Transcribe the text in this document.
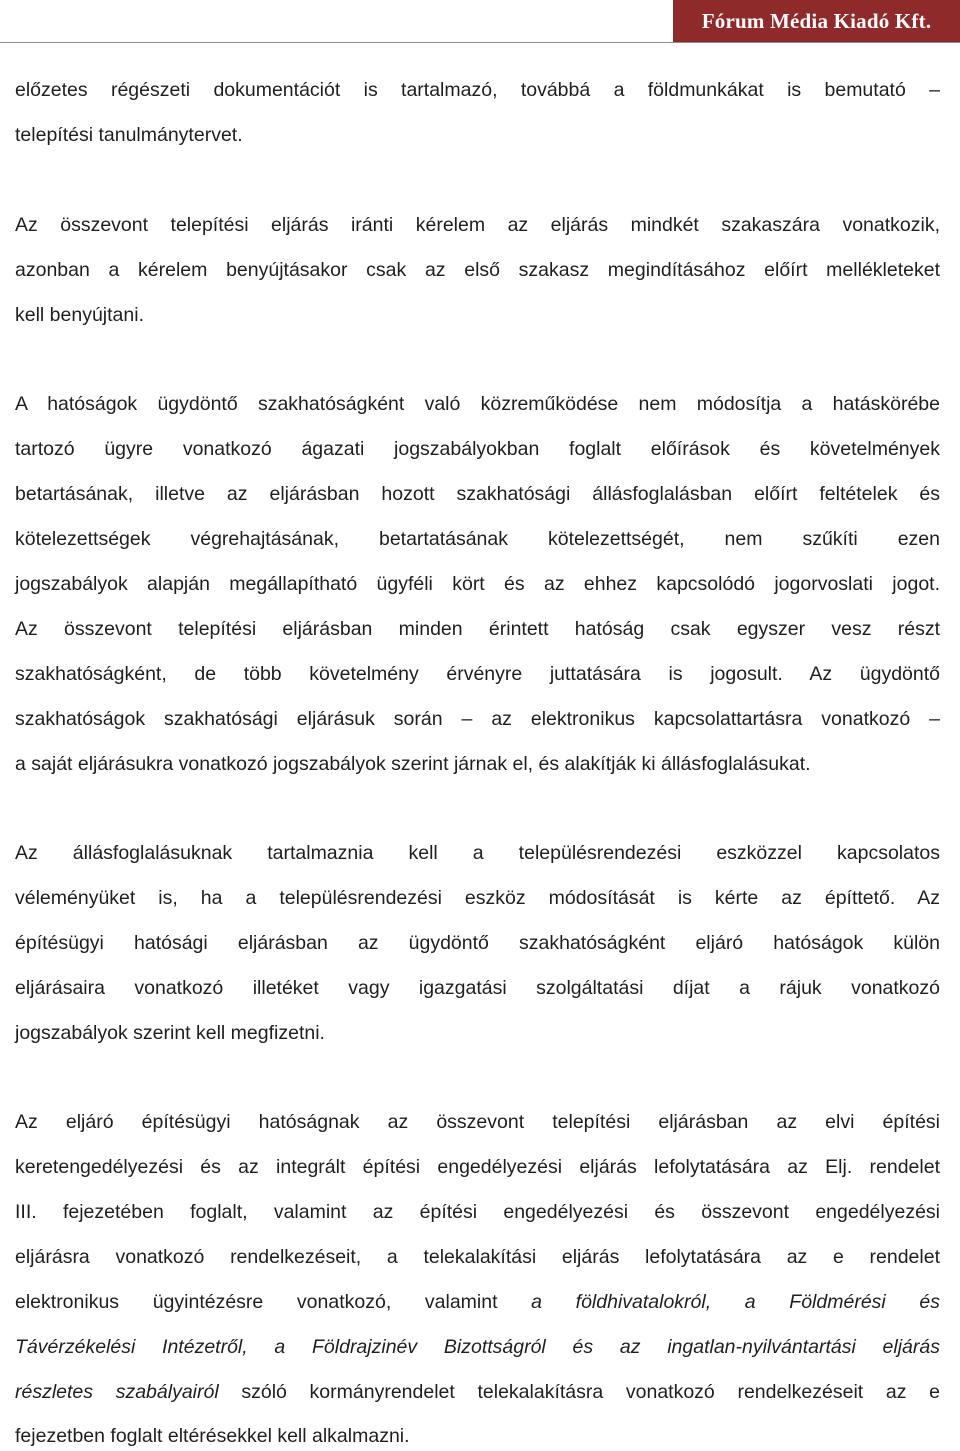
Fórum Média Kiadó Kft.
előzetes régészeti dokumentációt is tartalmazó, továbbá a földmunkákat is bemutató –
telepítési tanulmánytervet.
Az összevont telepítési eljárás iránti kérelem az eljárás mindkét szakaszára vonatkozik,
azonban a kérelem benyújtásakor csak az első szakasz megindításához előírt mellékleteket
kell benyújtani.
A hatóságok ügydöntő szakhatóságként való közreműködése nem módosítja a hatáskörébe
tartozó ügyre vonatkozó ágazati jogszabályokban foglalt előírások és követelmények
betartásának, illetve az eljárásban hozott szakhatósági állásfoglalásban előírt feltételek és
kötelezettségek végrehajtásának, betartatásának kötelezettségét, nem szűkíti ezen
jogszabályok alapján megállapítható ügyféli kört és az ehhez kapcsolódó jogorvoslati jogot.
Az összevont telepítési eljárásban minden érintett hatóság csak egyszer vesz részt
szakhatóságként, de több követelmény érvényre juttatására is jogosult. Az ügydöntő
szakhatóságok szakhatósági eljárásuk során – az elektronikus kapcsolattartásra vonatkozó –
a saját eljárásukra vonatkozó jogszabályok szerint járnak el, és alakítják ki állásfoglalásukat.
Az állásfoglalásuknak tartalmaznia kell a településrendezési eszközzel kapcsolatos
véleményüket is, ha a településrendezési eszköz módosítását is kérte az építtető. Az
építésügyi hatósági eljárásban az ügydöntő szakhatóságként eljáró hatóságok külön
eljárásaira vonatkozó illetéket vagy igazgatási szolgáltatási díjat a rájuk vonatkozó
jogszabályok szerint kell megfizetni.
Az eljáró építésügyi hatóságnak az összevont telepítési eljárásban az elvi építési
keretengedélyezési és az integrált építési engedélyezési eljárás lefolytatására az Elj. rendelet
III. fejezetében foglalt, valamint az építési engedélyezési és összevont engedélyezési
eljárásra vonatkozó rendelkezéseit, a telekalakítási eljárás lefolytatására az e rendelet
elektronikus ügyintézésre vonatkozó, valamint a földhivatalokról, a Földmérési és
Távérzékelési Intézetről, a Földrajzinév Bizottságról és az ingatlan-nyilvántartási eljárás
részletes szabályairól szóló kormányrendelet telekalakításra vonatkozó rendelkezéseit az e
fejezetben foglalt eltérésekkel kell alkalmazni.
